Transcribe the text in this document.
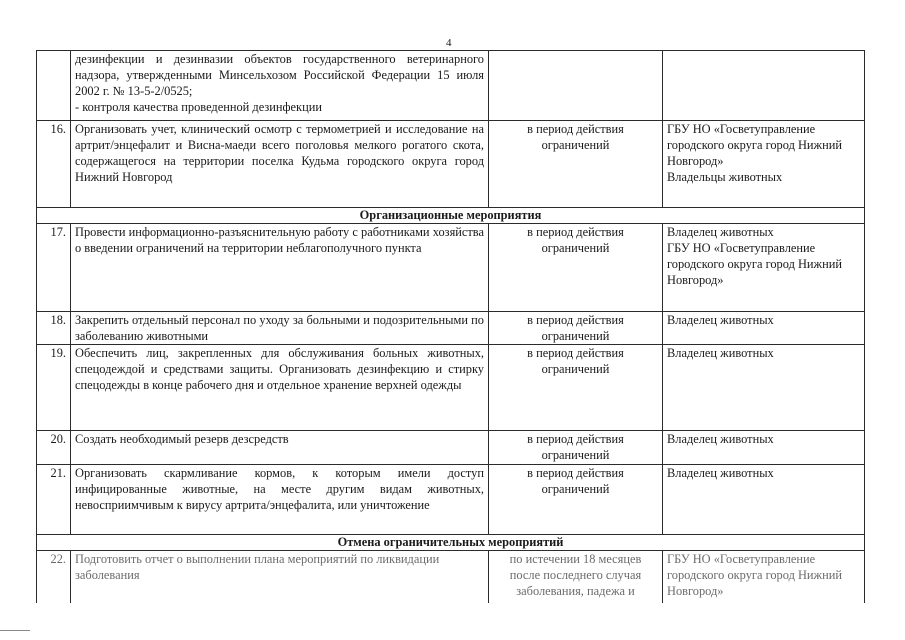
4

	дезинфекции и дезинвазии объектов государственного ветеринарного надзора, утвержденными Минсельхозом Российской Федерации 15 июля 2002 г. № 13-5-2/0525;
- контроля качества проведенной дезинфекции		

16.	Организовать учет, клинический осмотр с термометрией и исследование на артрит/энцефалит и Висна-маеди всего поголовья мелкого рогатого скота, содержащегося на территории поселка Кудьма городского округа город Нижний Новгород	в период действия ограничений	ГБУ НО «Госветуправление городского округа город Нижний Новгород»
Владельцы животных

Организационные мероприятия			
17.	Провести информационно-разъяснительную работу с работниками хозяйства о введении ограничений на территории неблагополучного пункта	в период действия ограничений	Владелец животных
ГБУ НО «Госветуправление городского округа город Нижний Новгород»

18.	Закрепить отдельный персонал по уходу за больными и подозрительными по заболеванию животными	в период действия ограничений	Владелец животных
19.	Обеспечить лиц, закрепленных для обслуживания больных животных, спецодеждой и средствами защиты. Организовать дезинфекцию и стирку спецодежды в конце рабочего дня и отдельное хранение верхней одежды	в период действия ограничений	Владелец животных
20.	Создать необходимый резерв дезсредств	в период действия ограничений	Владелец животных
21.	Организовать скармливание кормов, к которым имели доступ инфицированные животные, на месте другим видам животных, невосприимчивым к вирусу артрита/энцефалита, или уничтожение	в период действия ограничений	Владелец животных
Отмена ограничительных мероприятий			
22.	Подготовить отчет о выполнении плана мероприятий по ликвидации заболевания	по истечении 18 месяцев после последнего случая заболевания, падежа и	ГБУ НО «Госветуправление городского округа город Нижний Новгород»
